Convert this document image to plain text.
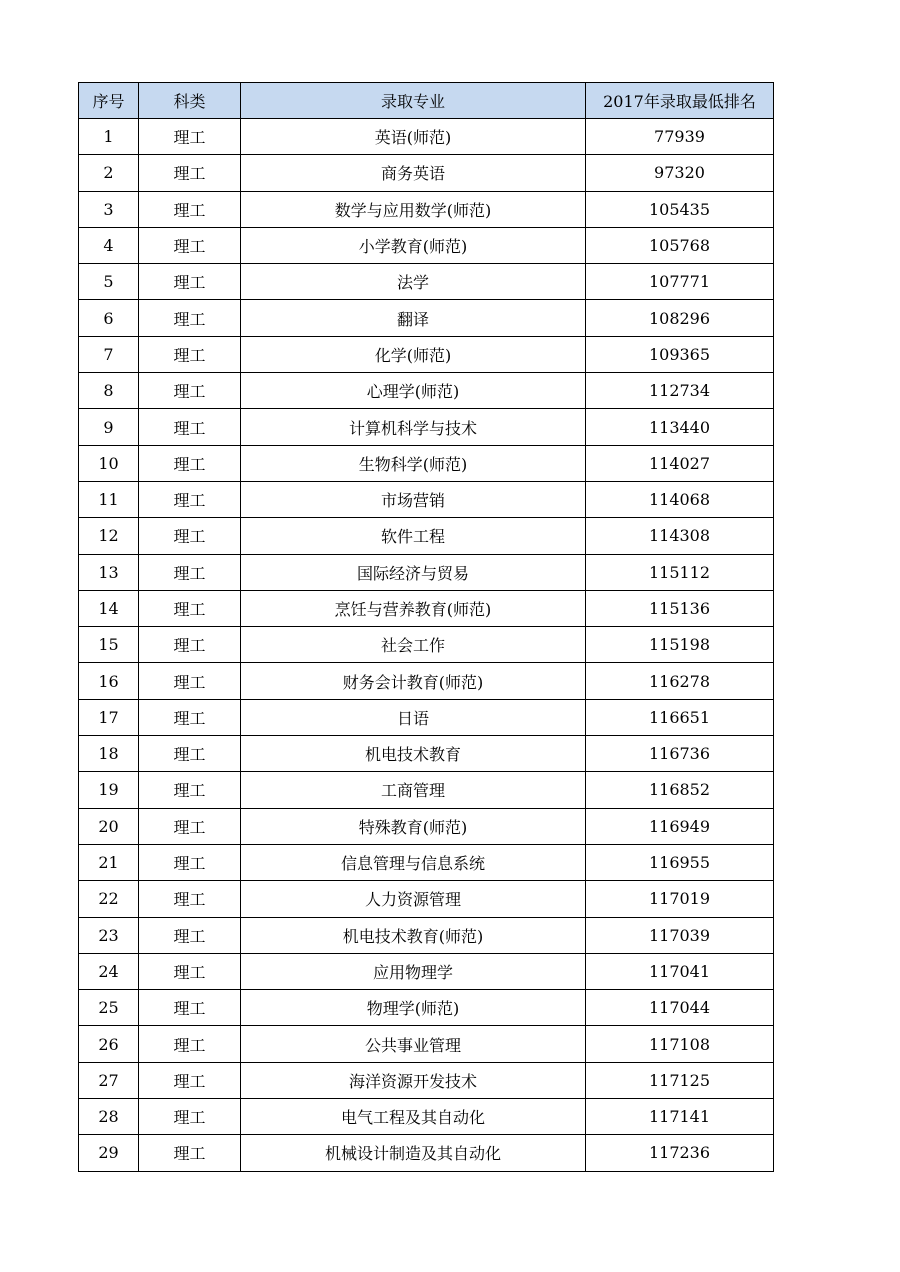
序号	科类	录取专业	2017年录取最低排名
1	理工	英语(师范)	77939
2	理工	商务英语	97320
3	理工	数学与应用数学(师范)	105435
4	理工	小学教育(师范)	105768
5	理工	法学	107771
6	理工	翻译	108296
7	理工	化学(师范)	109365
8	理工	心理学(师范)	112734
9	理工	计算机科学与技术	113440
10	理工	生物科学(师范)	114027
11	理工	市场营销	114068
12	理工	软件工程	114308
13	理工	国际经济与贸易	115112
14	理工	烹饪与营养教育(师范)	115136
15	理工	社会工作	115198
16	理工	财务会计教育(师范)	116278
17	理工	日语	116651
18	理工	机电技术教育	116736
19	理工	工商管理	116852
20	理工	特殊教育(师范)	116949
21	理工	信息管理与信息系统	116955
22	理工	人力资源管理	117019
23	理工	机电技术教育(师范)	117039
24	理工	应用物理学	117041
25	理工	物理学(师范)	117044
26	理工	公共事业管理	117108
27	理工	海洋资源开发技术	117125
28	理工	电气工程及其自动化	117141
29	理工	机械设计制造及其自动化	117236
